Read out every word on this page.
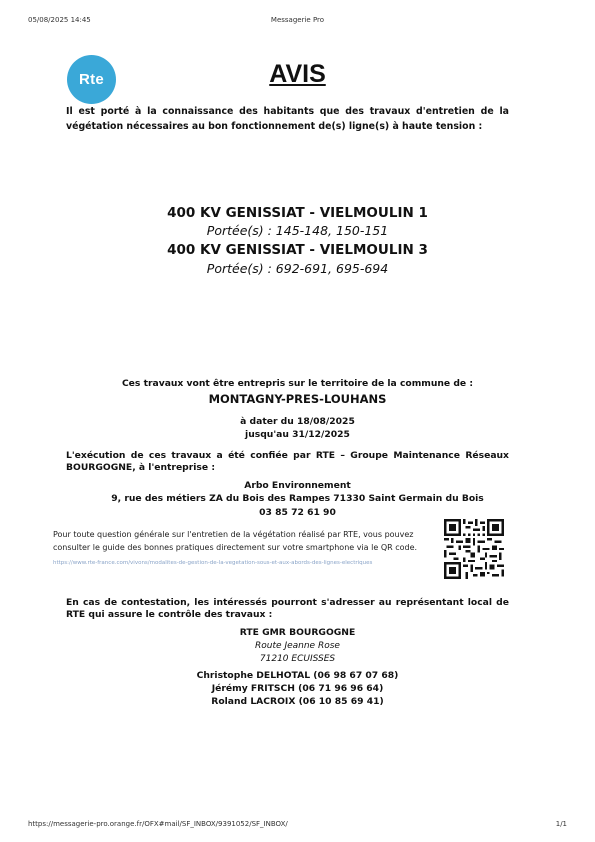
05/08/2025 14:45	Messagerie Pro
Rte	AVIS
Il est porté à la connaissance des habitants que des travaux d'entretien de la végétation nécessaires au bon fonctionnement de(s) ligne(s) à haute tension :
400 KV GENISSIAT - VIELMOULIN 1
Portée(s) : 145-148, 150-151
400 KV GENISSIAT - VIELMOULIN 3
Portée(s) : 692-691, 695-694
Ces travaux vont être entrepris sur le territoire de la commune de :
MONTAGNY-PRES-LOUHANS
à dater du 18/08/2025
jusqu'au 31/12/2025
L'exécution de ces travaux a été confiée par RTE – Groupe Maintenance Réseaux BOURGOGNE, à l'entreprise :
Arbo Environnement
9, rue des métiers ZA du Bois des Rampes 71330 Saint Germain du Bois
03 85 72 61 90
Pour toute question générale sur l'entretien de la végétation réalisé par RTE, vous pouvez consulter le guide des bonnes pratiques directement sur votre smartphone via le QR code.
https://www.rte-france.com/vivons/modalites-de-gestion-de-la-vegetation-sous-et-aux-abords-des-lignes-electriques
En cas de contestation, les intéressés pourront s'adresser au représentant local de RTE qui assure le contrôle des travaux :
RTE GMR BOURGOGNE
Route Jeanne Rose
71210 ECUISSES
Christophe DELHOTAL (06 98 67 07 68)
Jérémy FRITSCH (06 71 96 96 64)
Roland LACROIX (06 10 85 69 41)
https://messagerie-pro.orange.fr/OFX#mail/SF_INBOX/9391052/SF_INBOX/	1/1
